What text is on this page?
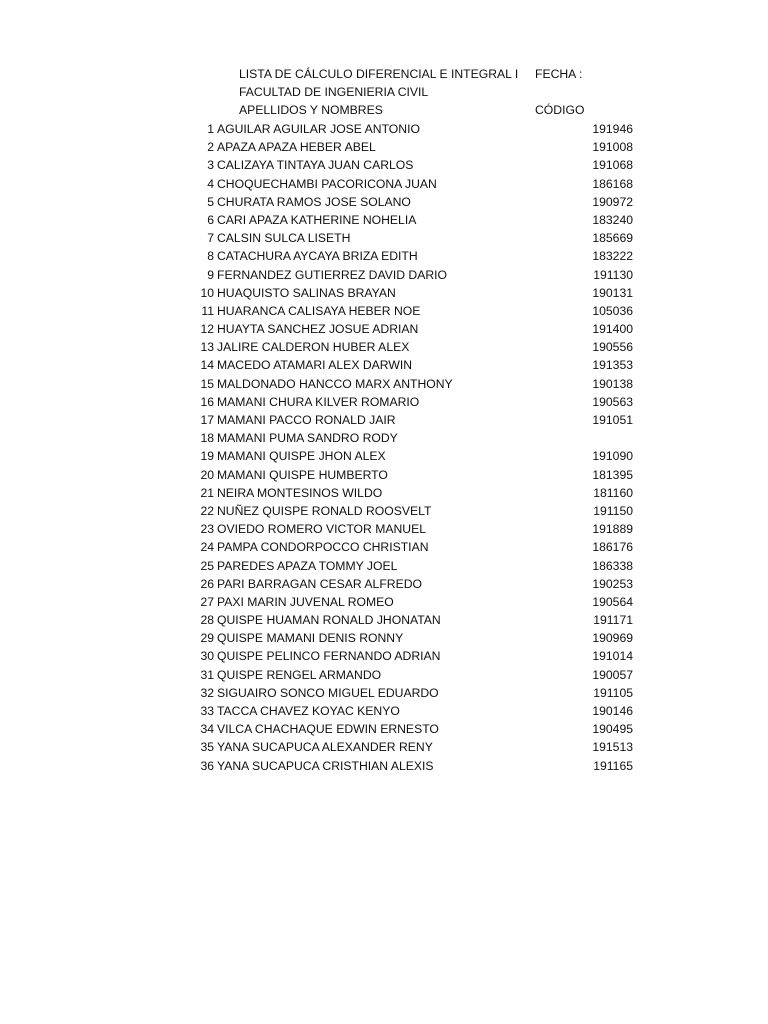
LISTA DE CÁLCULO DIFERENCIAL E INTEGRAL I FECHA :
FACULTAD DE INGENIERIA CIVIL
APELLIDOS Y NOMBRES	CÓDIGO
1 AGUILAR AGUILAR JOSE ANTONIO	191946
2 APAZA APAZA HEBER ABEL	191008
3 CALIZAYA TINTAYA JUAN CARLOS	191068
4 CHOQUECHAMBI PACORICONA JUAN	186168
5 CHURATA RAMOS JOSE SOLANO	190972
6 CARI APAZA KATHERINE NOHELIA	183240
7 CALSIN SULCA LISETH	185669
8 CATACHURA AYCAYA BRIZA EDITH	183222
9 FERNANDEZ GUTIERREZ DAVID DARIO	191130
10 HUAQUISTO SALINAS BRAYAN	190131
11 HUARANCA CALISAYA HEBER NOE	105036
12 HUAYTA SANCHEZ JOSUE ADRIAN	191400
13 JALIRE CALDERON HUBER ALEX	190556
14 MACEDO ATAMARI ALEX DARWIN	191353
15 MALDONADO HANCCO MARX ANTHONY	190138
16 MAMANI CHURA KILVER ROMARIO	190563
17 MAMANI PACCO RONALD JAIR	191051
18 MAMANI PUMA SANDRO RODY
19 MAMANI QUISPE JHON ALEX	191090
20 MAMANI QUISPE HUMBERTO	181395
21 NEIRA MONTESINOS WILDO	181160
22 NUÑEZ QUISPE RONALD ROOSVELT	191150
23 OVIEDO ROMERO VICTOR MANUEL	191889
24 PAMPA CONDORPOCCO CHRISTIAN	186176
25 PAREDES APAZA TOMMY JOEL	186338
26 PARI BARRAGAN CESAR ALFREDO	190253
27 PAXI MARIN JUVENAL ROMEO	190564
28 QUISPE HUAMAN RONALD JHONATAN	191171
29 QUISPE MAMANI DENIS RONNY	190969
30 QUISPE PELINCO FERNANDO ADRIAN	191014
31 QUISPE RENGEL ARMANDO	190057
32 SIGUAIRO SONCO MIGUEL EDUARDO	191105
33 TACCA CHAVEZ KOYAC KENYO	190146
34 VILCA CHACHAQUE EDWIN ERNESTO	190495
35 YANA SUCAPUCA ALEXANDER RENY	191513
36 YANA SUCAPUCA CRISTHIAN ALEXIS	191165
